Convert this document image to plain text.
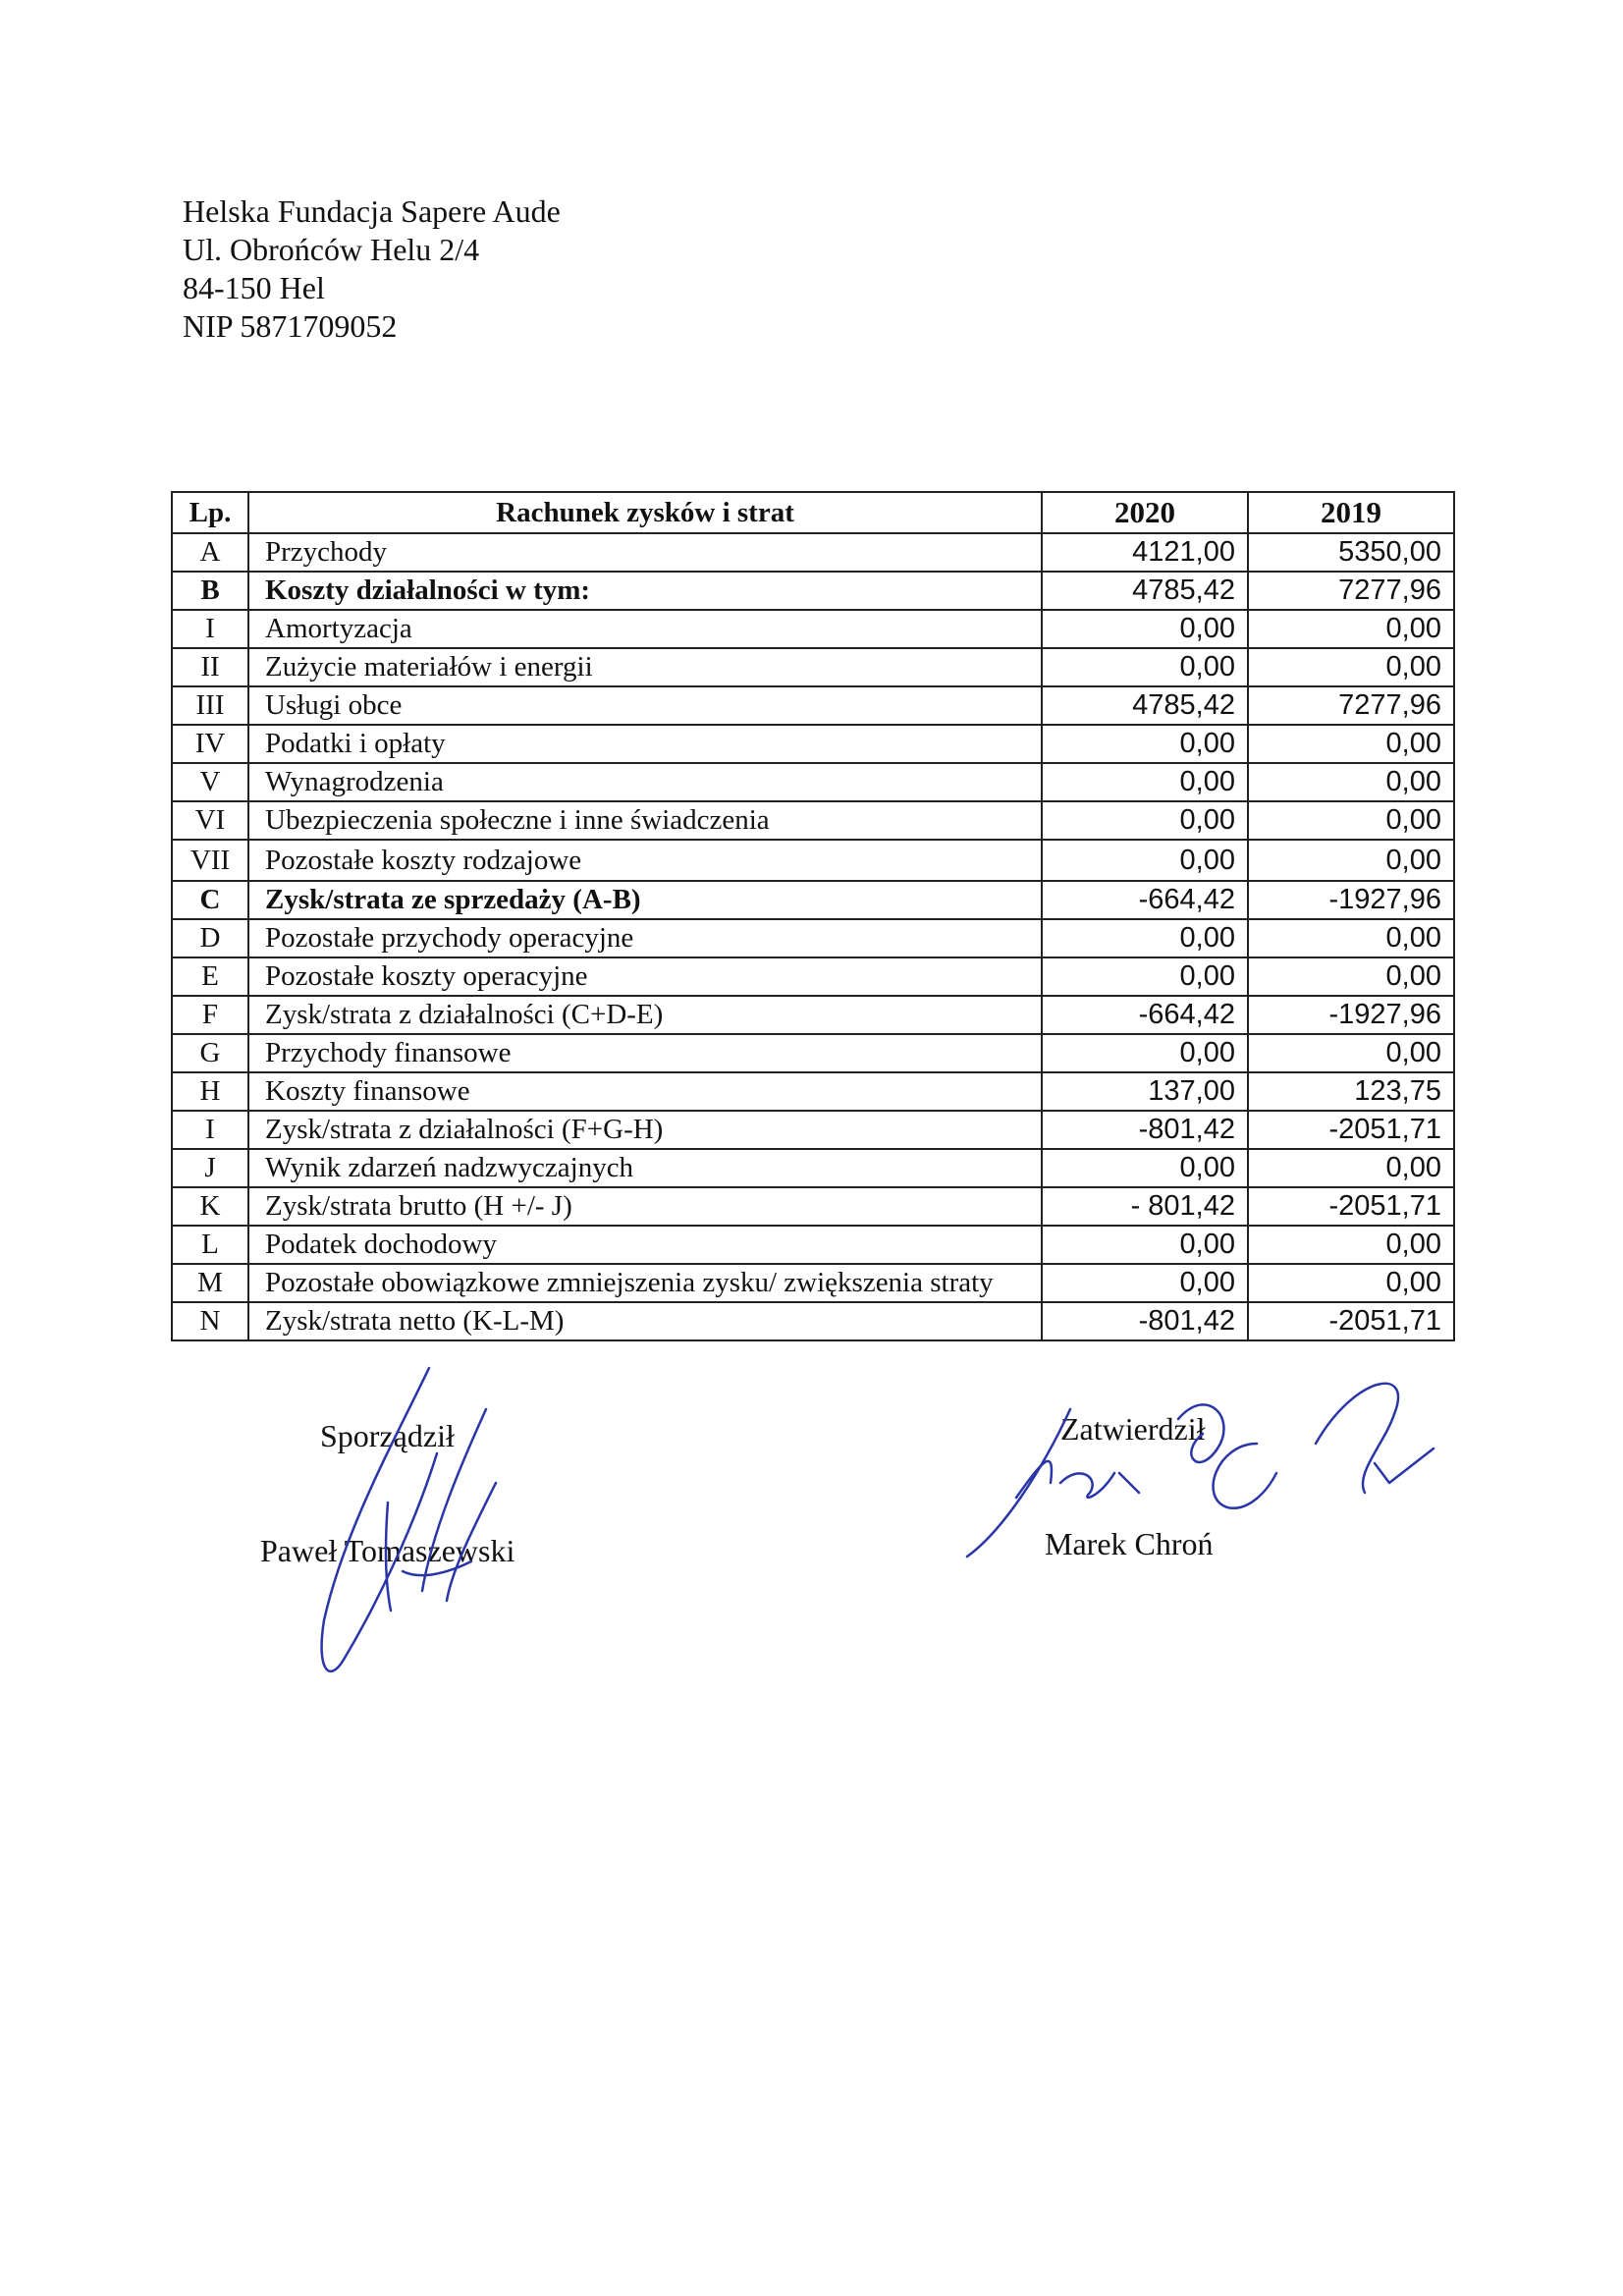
Helska Fundacja Sapere Aude
Ul. Obrońców Helu 2/4
84-150 Hel
NIP 5871709052
Lp.	Rachunek zysków i strat	2020	2019
A	Przychody	4121,00	5350,00
B	Koszty działalności w tym:	4785,42	7277,96
I	Amortyzacja	0,00	0,00
II	Zużycie materiałów i energii	0,00	0,00
III	Usługi obce	4785,42	7277,96
IV	Podatki i opłaty	0,00	0,00
V	Wynagrodzenia	0,00	0,00
VI	Ubezpieczenia społeczne i inne świadczenia	0,00	0,00
VII	Pozostałe koszty rodzajowe	0,00	0,00
C	Zysk/strata ze sprzedaży (A-B)	-664,42	-1927,96
D	Pozostałe przychody operacyjne	0,00	0,00
E	Pozostałe koszty operacyjne	0,00	0,00
F	Zysk/strata z działalności (C+D-E)	-664,42	-1927,96
G	Przychody finansowe	0,00	0,00
H	Koszty finansowe	137,00	123,75
I	Zysk/strata z działalności (F+G-H)	-801,42	-2051,71
J	Wynik zdarzeń nadzwyczajnych	0,00	0,00
K	Zysk/strata brutto (H +/- J)	- 801,42	-2051,71
L	Podatek dochodowy	0,00	0,00
M	Pozostałe obowiązkowe zmniejszenia zysku/ zwiększenia straty	0,00	0,00
N	Zysk/strata netto (K-L-M)	-801,42	-2051,71
Sporządził
Paweł Tomaszewski
Zatwierdził
Marek Chroń
